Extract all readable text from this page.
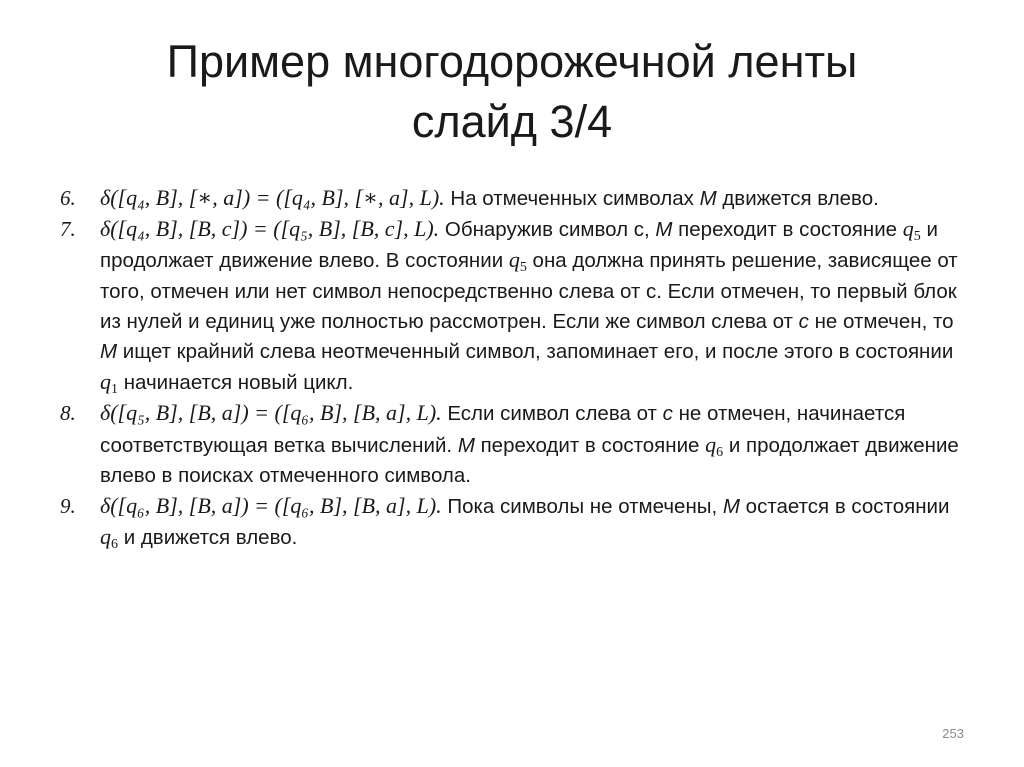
Пример многодорожечной ленты
слайд 3/4
6. δ([q₄, B], [∗, a]) = ([q₄, B], [∗, a], L). На отмеченных символах M движется влево.
7. δ([q₄, B], [B, c]) = ([q₅, B], [B, c], L). Обнаружив символ с, M переходит в состояние $q_5$ и продолжает движение влево. В состоянии $q_5$ она должна принять решение, зависящее от того, отмечен или нет символ непосредственно слева от с. Если отмечен, то первый блок из нулей и единиц уже полностью рассмотрен. Если же символ слева от c не отмечен, то M ищет крайний слева неотмеченный символ, запоминает его, и после этого в состоянии $q_1$ начинается новый цикл.
8. δ([q₅, B], [B, a]) = ([q₆, B], [B, a], L). Если символ слева от c не отмечен, начинается соответствующая ветка вычислений. M переходит в состояние $q_6$ и продолжает движение влево в поисках отмеченного символа.
9. δ([q₆, B], [B, a]) = ([q₆, B], [B, a], L). Пока символы не отмечены, M остается в состоянии $q_6$ и движется влево.
253
